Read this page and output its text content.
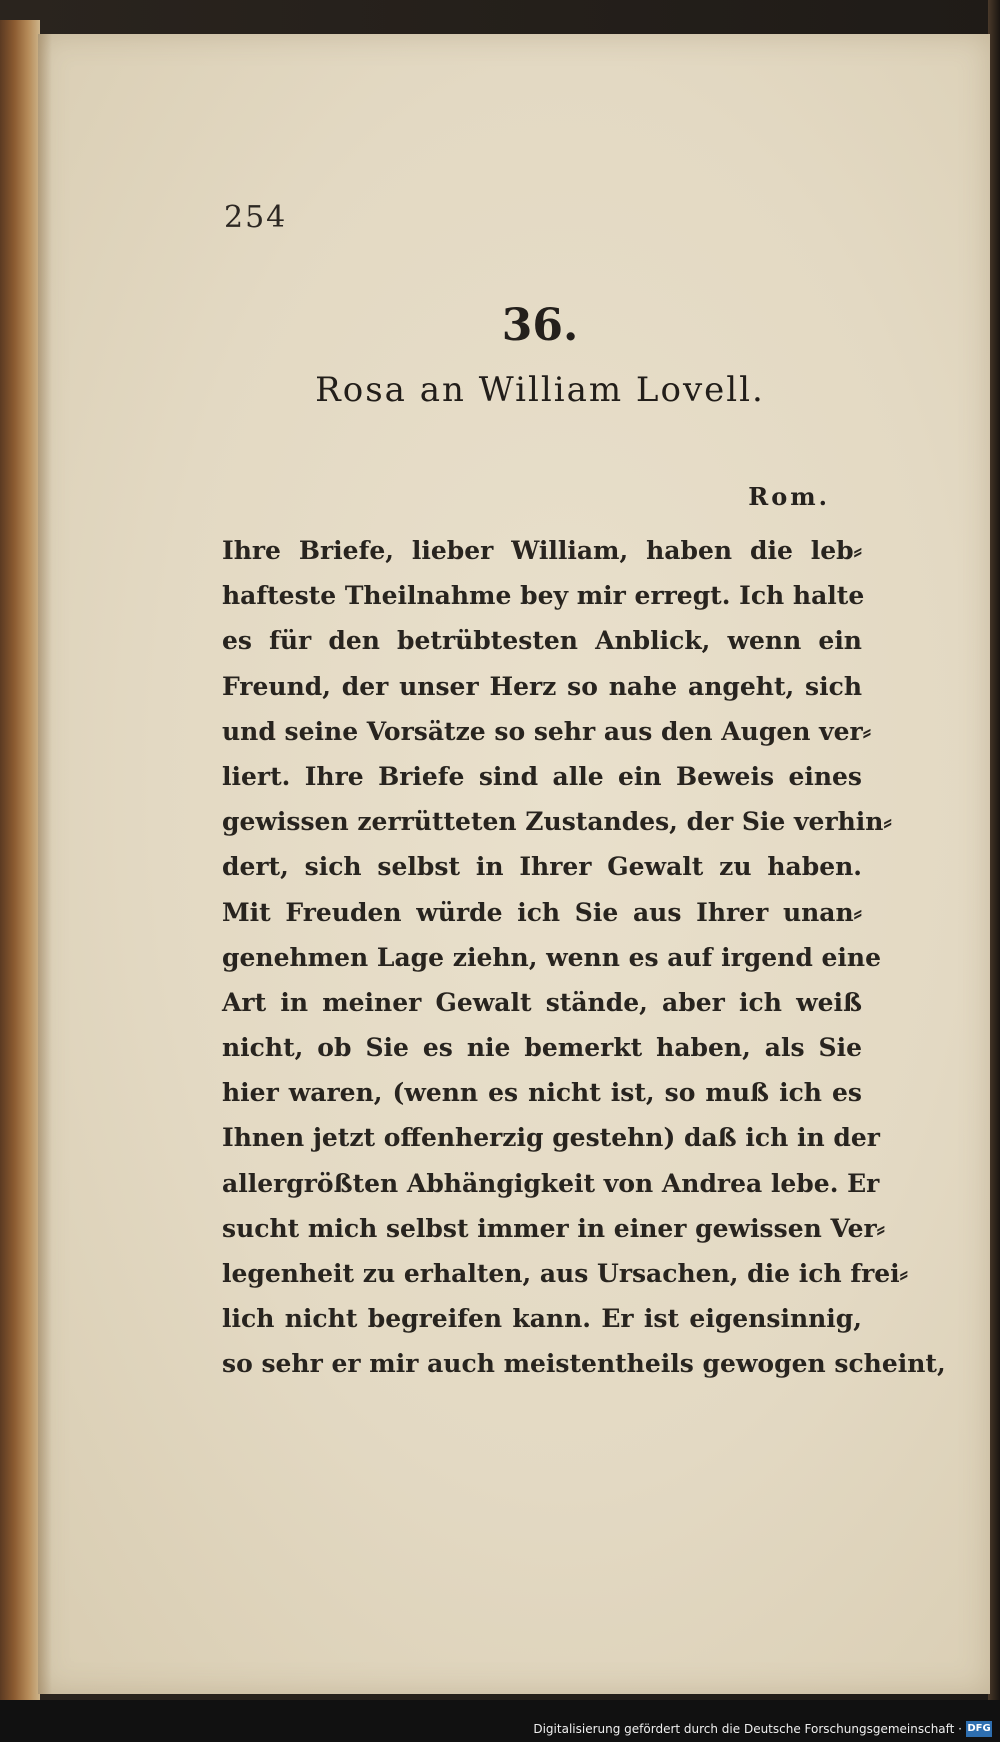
254
36.
Rosa an William Lovell.
Rom.
Ihre Briefe, lieber William, haben die leb⸗
hafteste Theilnahme bey mir erregt. Ich halte
es für den betrübtesten Anblick, wenn ein
Freund, der unser Herz so nahe angeht, sich
und seine Vorsätze so sehr aus den Augen ver⸗
liert. Ihre Briefe sind alle ein Beweis eines
gewissen zerrütteten Zustandes, der Sie verhin⸗
dert, sich selbst in Ihrer Gewalt zu haben.
Mit Freuden würde ich Sie aus Ihrer unan⸗
genehmen Lage ziehn, wenn es auf irgend eine
Art in meiner Gewalt stände, aber ich weiß
nicht, ob Sie es nie bemerkt haben, als Sie
hier waren, (wenn es nicht ist, so muß ich es
Ihnen jetzt offenherzig gestehn) daß ich in der
allergrößten Abhängigkeit von Andrea lebe. Er
sucht mich selbst immer in einer gewissen Ver⸗
legenheit zu erhalten, aus Ursachen, die ich frei⸗
lich nicht begreifen kann. Er ist eigensinnig,
so sehr er mir auch meistentheils gewogen scheint,
Digitalisierung gefördert durch die Deutsche Forschungsgemeinschaft · DFG
